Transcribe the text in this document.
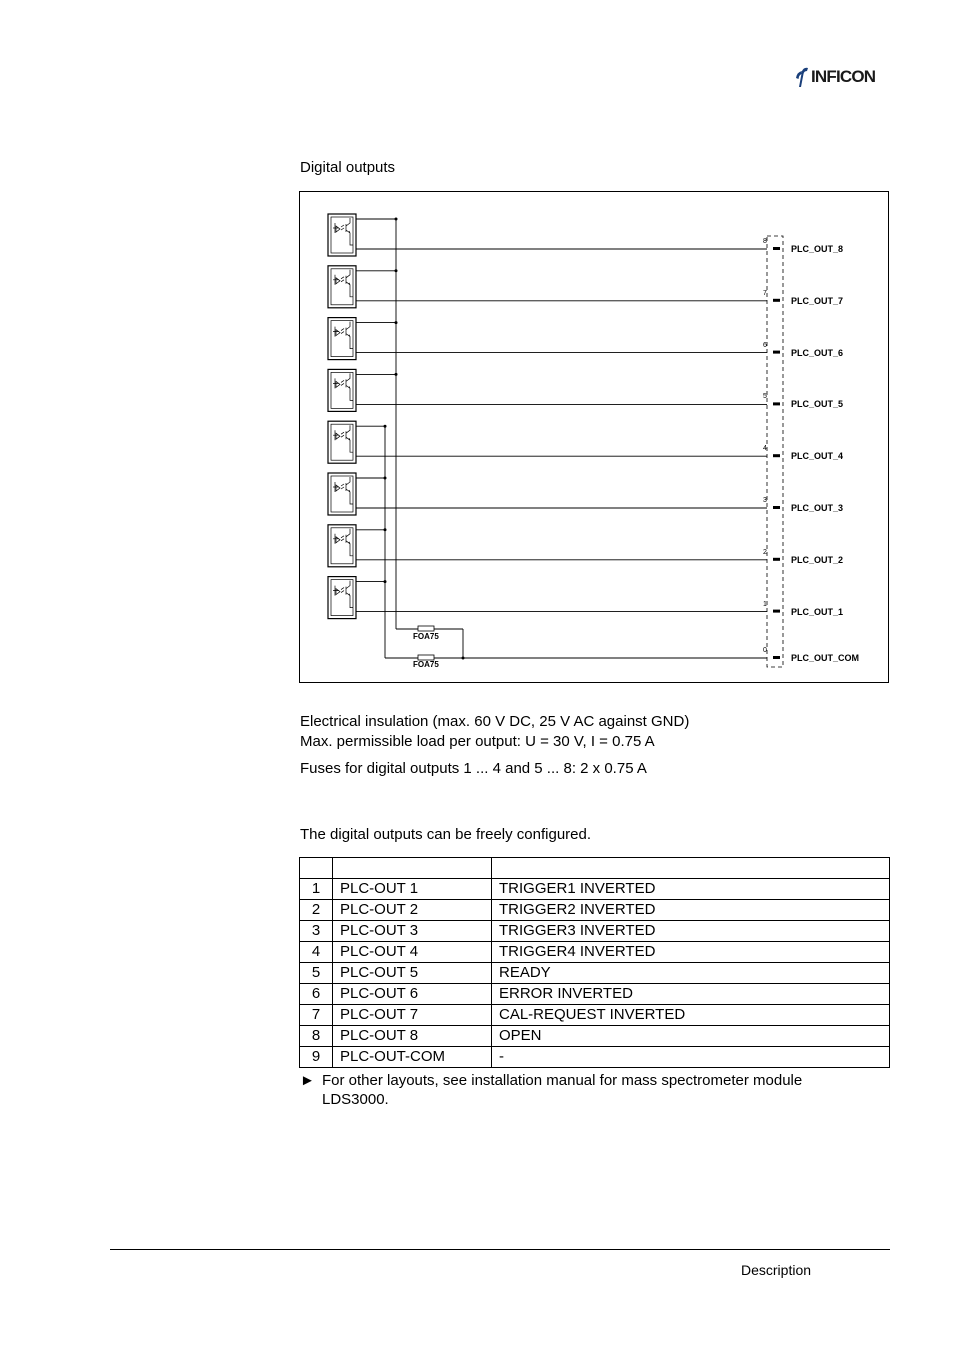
INFICON
Digital outputs
8
PLC_OUT_8
7
PLC_OUT_7
6
PLC_OUT_6
5
PLC_OUT_5
4
PLC_OUT_4
3
PLC_OUT_3
2
PLC_OUT_2
1
PLC_OUT_1
0
PLC_OUT_COM
FOA75
FOA75
Electrical insulation (max. 60 V DC, 25 V AC against GND)
Max. permissible load per output: U = 30 V, I = 0.75 A
Fuses for digital outputs 1 ... 4 and 5 ... 8: 2 x 0.75 A
The digital outputs can be freely configured.

1	PLC-OUT 1	TRIGGER1 INVERTED
2	PLC-OUT 2	TRIGGER2 INVERTED
3	PLC-OUT 3	TRIGGER3 INVERTED
4	PLC-OUT 4	TRIGGER4 INVERTED
5	PLC-OUT 5	READY
6	PLC-OUT 6	ERROR INVERTED
7	PLC-OUT 7	CAL-REQUEST INVERTED
8	PLC-OUT 8	OPEN
9	PLC-OUT-COM	-
► For other layouts, see installation manual for mass spectrometer module LDS3000.
Description
